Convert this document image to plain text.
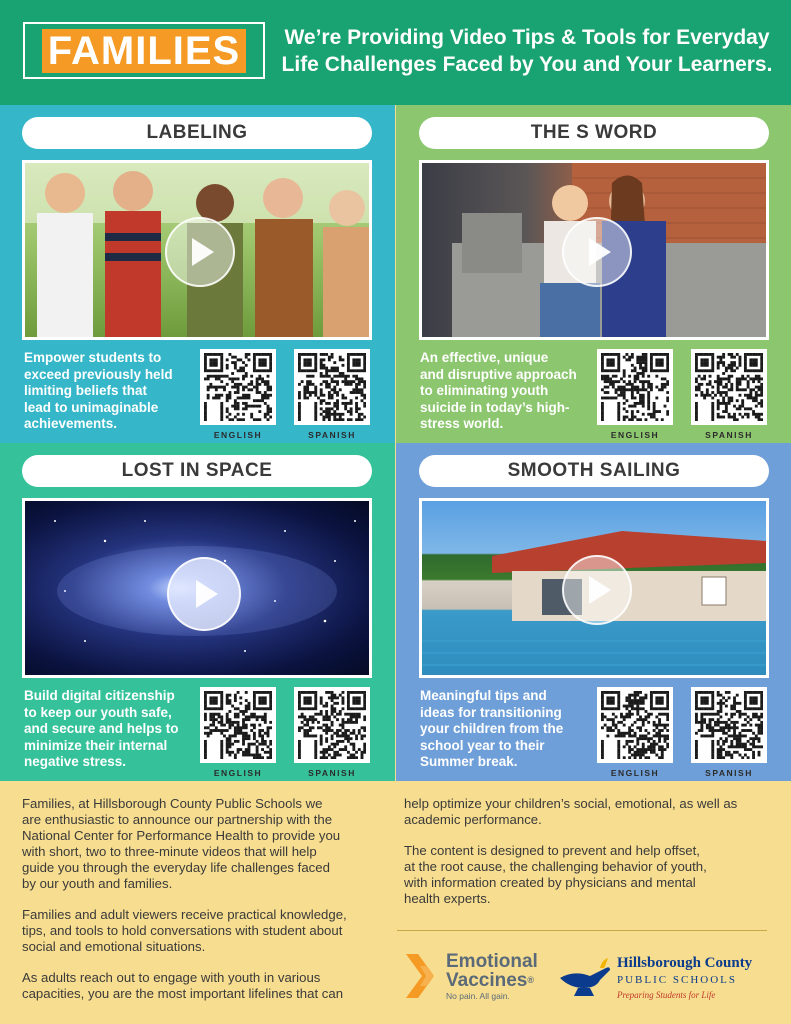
FAMILIES	We’re Providing Video Tips & Tools for Everyday
Life Challenges Faced by You and Your Learners.
LABELING
Empower students to
exceed previously held
limiting beliefs that
lead to unimaginable
achievements.
ENGLISH	SPANISH
THE S WORD
An effective, unique
and disruptive approach
to eliminating youth
suicide in today’s high-
stress world.
ENGLISH	SPANISH
LOST IN SPACE
Build digital citizenship
to keep our youth safe,
and secure and helps to
minimize their internal
negative stress.
ENGLISH	SPANISH
SMOOTH SAILING
Meaningful tips and
ideas for transitioning
your children from the
school year to their
Summer break.
ENGLISH	SPANISH

Families, at Hillsborough County Public Schools we
are enthusiastic to announce our partnership with the
National Center for Performance Health to provide you
with short, two to three-minute videos that will help
guide you through the everyday life challenges faced
by our youth and families.

Families and adult viewers receive practical knowledge,
tips, and tools to hold conversations with student about
social and emotional situations.

As adults reach out to engage with youth in various
capacities, you are the most important lifelines that can

help optimize your children’s social, emotional, as well as
academic performance.

The content is designed to prevent and help offset,
at the root cause, the challenging behavior of youth,
with information created by physicians and mental
health experts.

Emotional
Vaccines®
No pain. All gain.
Hillsborough County
PUBLIC SCHOOLS
Preparing Students for Life
